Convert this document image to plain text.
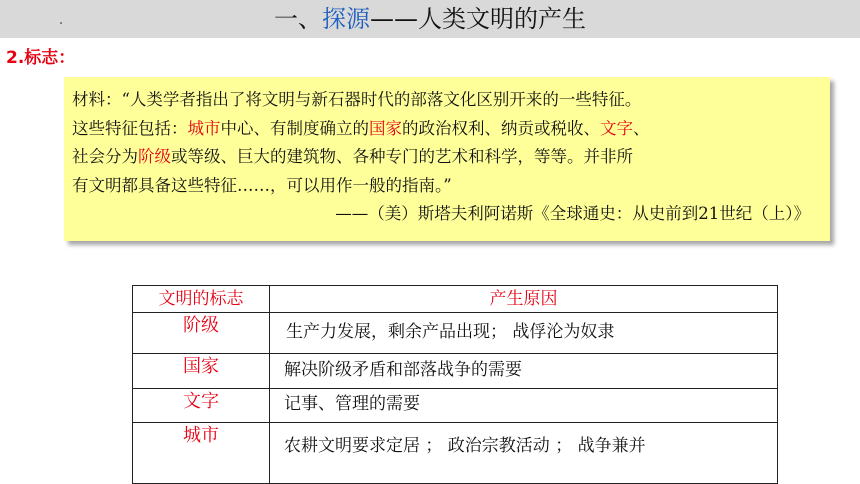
一、探源——人类文明的产生
2.标志：
材料：“人类学者指出了将文明与新石器时代的部落文化区别开来的一些特征。
这些特征包括：城市中心、有制度确立的国家的政治权利、纳贡或税收、文字、
社会分为阶级或等级、巨大的建筑物、各种专门的艺术和科学，等等。并非所
有文明都具备这些特征……，可以用作一般的指南。”
——（美）斯塔夫利阿诺斯《全球通史：从史前到21世纪（上）》
文明的标志	产生原因
阶级	生产力发展，剩余产品出现； 战俘沦为奴隶
国家	解决阶级矛盾和部落战争的需要
文字	记事、管理的需要
城市	农耕文明要求定居 ； 政治宗教活动 ； 战争兼并
